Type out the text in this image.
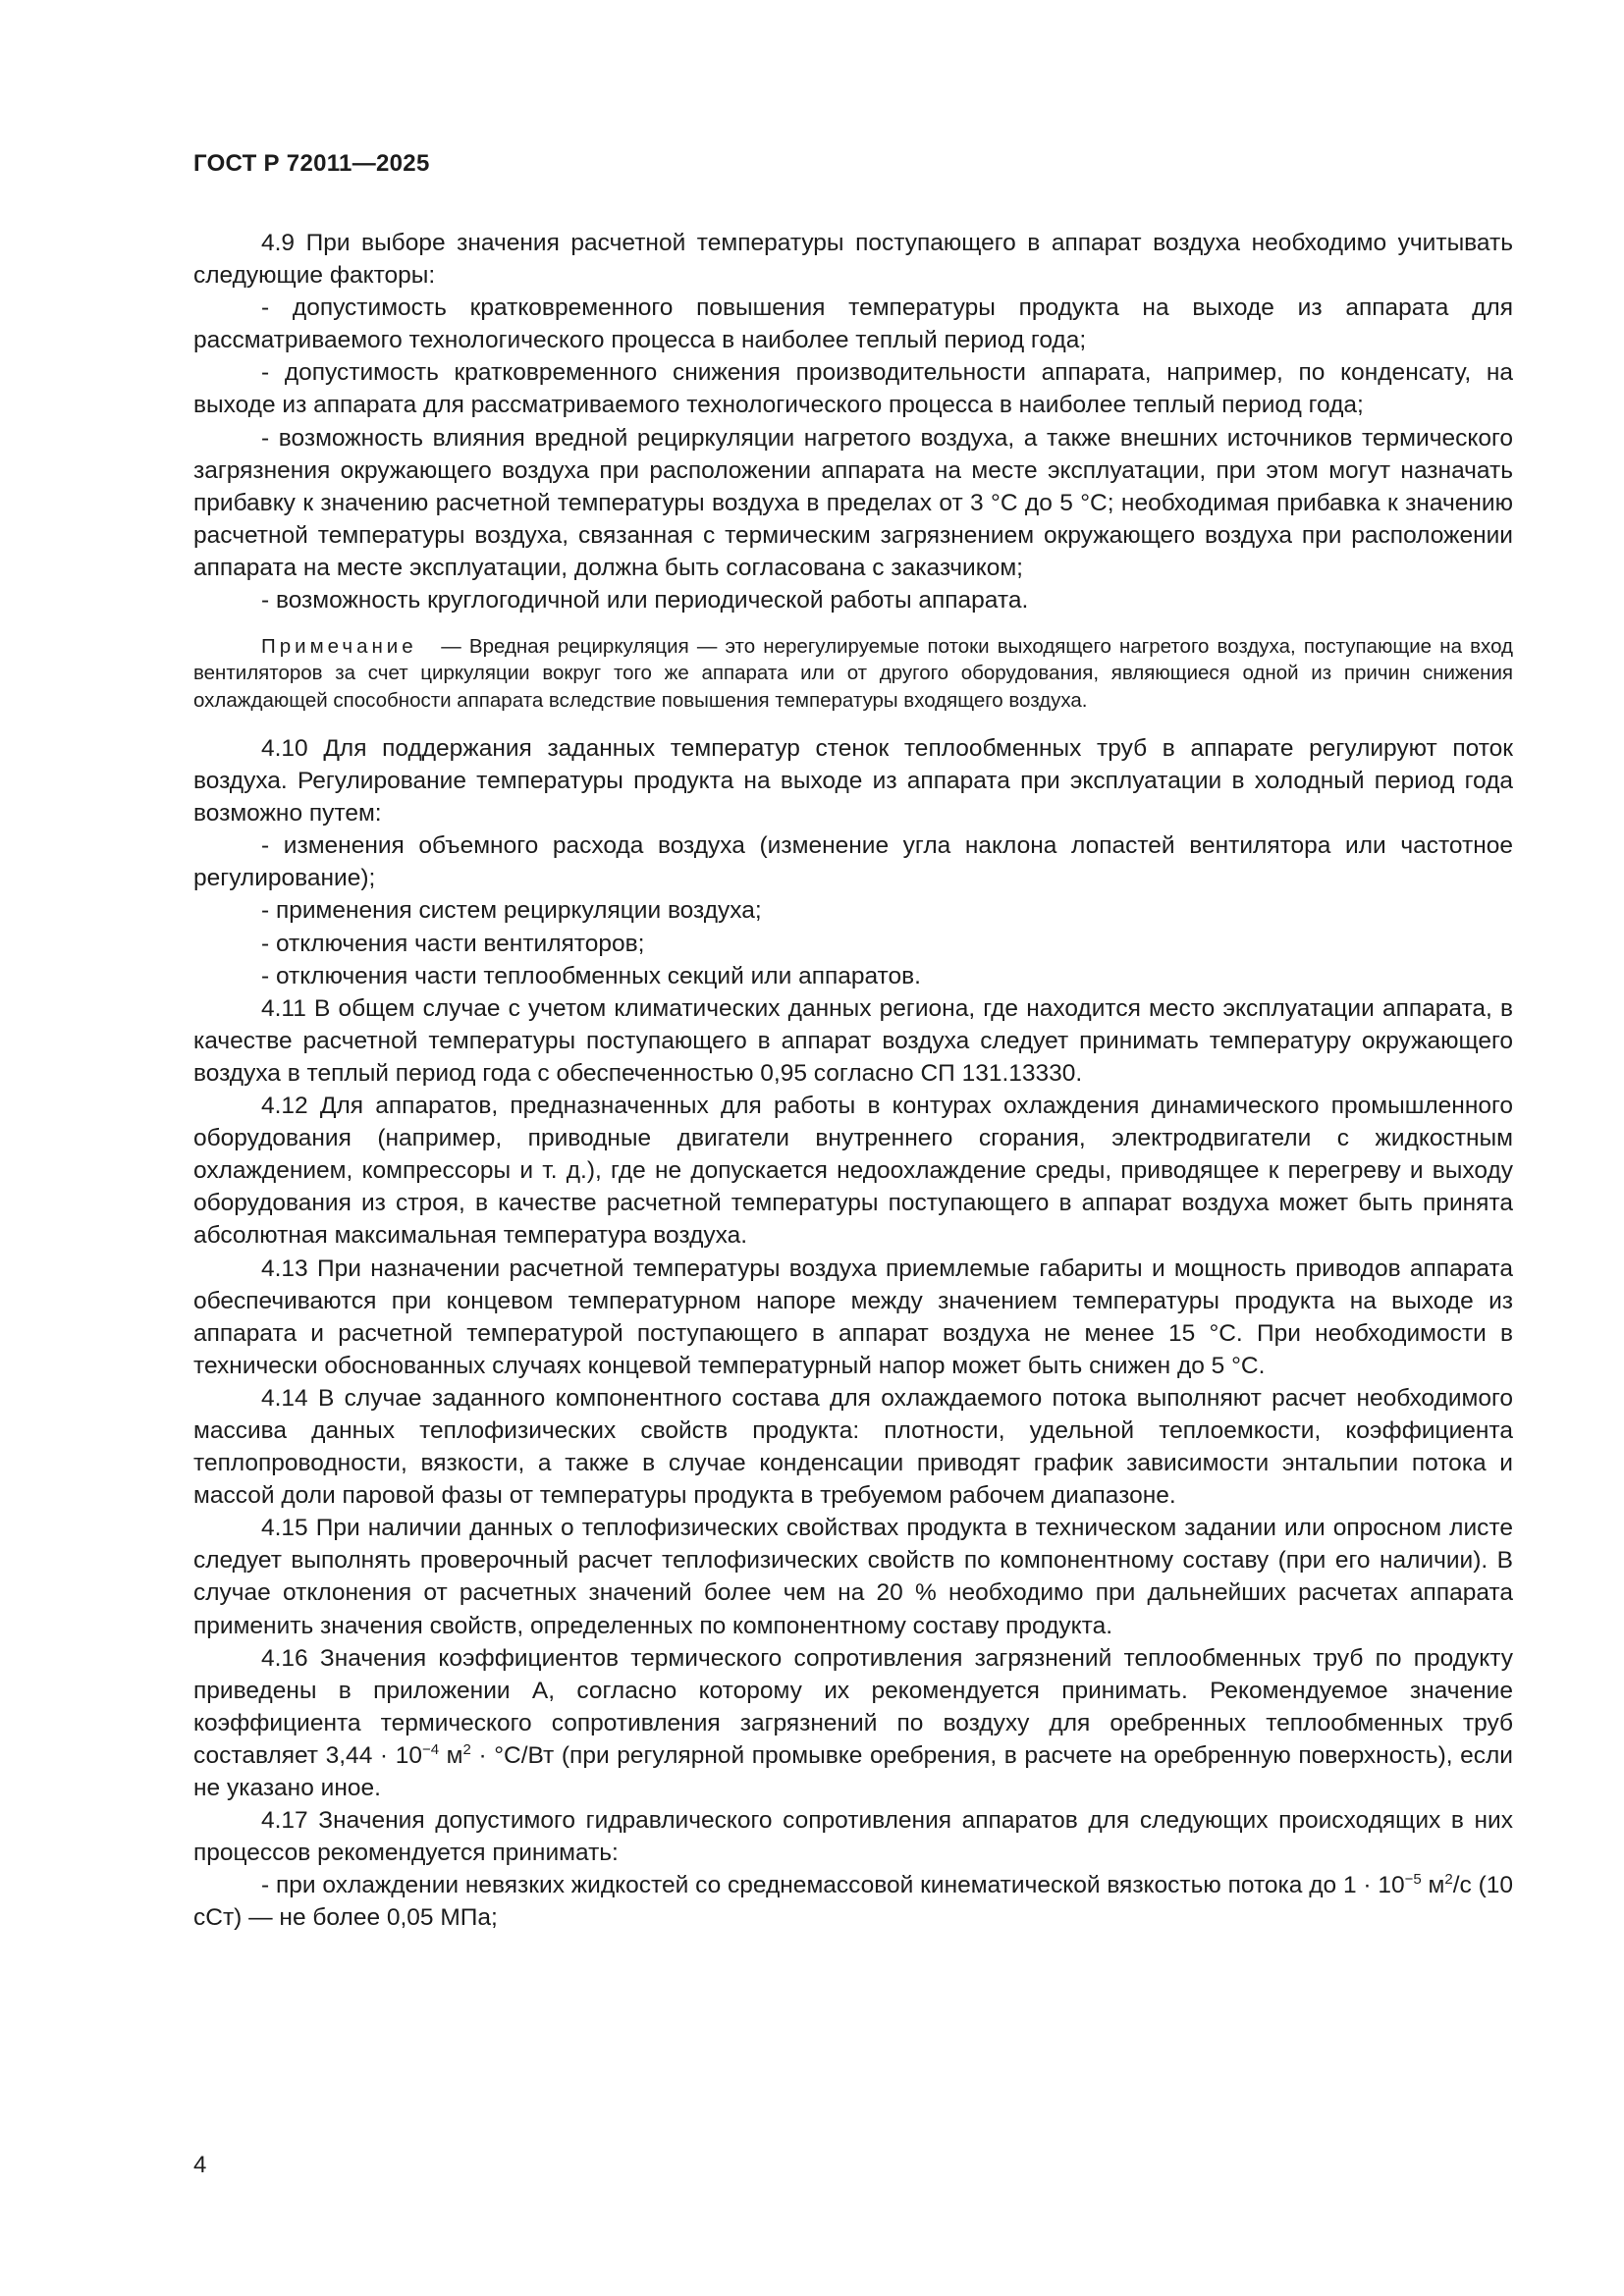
ГОСТ Р 72011—2025

4.9 При выборе значения расчетной температуры поступающего в аппарат воздуха необходимо учитывать следующие факторы:

- допустимость кратковременного повышения температуры продукта на выходе из аппарата для рассматриваемого технологического процесса в наиболее теплый период года;

- допустимость кратковременного снижения производительности аппарата, например, по конденсату, на выходе из аппарата для рассматриваемого технологического процесса в наиболее теплый период года;

- возможность влияния вредной рециркуляции нагретого воздуха, а также внешних источников термического загрязнения окружающего воздуха при расположении аппарата на месте эксплуатации, при этом могут назначать прибавку к значению расчетной температуры воздуха в пределах от 3 °С до 5 °С; необходимая прибавка к значению расчетной температуры воздуха, связанная с термическим загрязнением окружающего воздуха при расположении аппарата на месте эксплуатации, должна быть согласована с заказчиком;

- возможность круглогодичной или периодической работы аппарата.

Примечание — Вредная рециркуляция — это нерегулируемые потоки выходящего нагретого воздуха, поступающие на вход вентиляторов за счет циркуляции вокруг того же аппарата или от другого оборудования, являющиеся одной из причин снижения охлаждающей способности аппарата вследствие повышения температуры входящего воздуха.

4.10 Для поддержания заданных температур стенок теплообменных труб в аппарате регулируют поток воздуха. Регулирование температуры продукта на выходе из аппарата при эксплуатации в холодный период года возможно путем:

- изменения объемного расхода воздуха (изменение угла наклона лопастей вентилятора или частотное регулирование);

- применения систем рециркуляции воздуха;

- отключения части вентиляторов;

- отключения части теплообменных секций или аппаратов.

4.11 В общем случае с учетом климатических данных региона, где находится место эксплуатации аппарата, в качестве расчетной температуры поступающего в аппарат воздуха следует принимать температуру окружающего воздуха в теплый период года с обеспеченностью 0,95 согласно СП 131.13330.

4.12 Для аппаратов, предназначенных для работы в контурах охлаждения динамического промышленного оборудования (например, приводные двигатели внутреннего сгорания, электродвигатели с жидкостным охлаждением, компрессоры и т. д.), где не допускается недоохлаждение среды, приводящее к перегреву и выходу оборудования из строя, в качестве расчетной температуры поступающего в аппарат воздуха может быть принята абсолютная максимальная температура воздуха.

4.13 При назначении расчетной температуры воздуха приемлемые габариты и мощность приводов аппарата обеспечиваются при концевом температурном напоре между значением температуры продукта на выходе из аппарата и расчетной температурой поступающего в аппарат воздуха не менее 15 °С. При необходимости в технически обоснованных случаях концевой температурный напор может быть снижен до 5 °С.

4.14 В случае заданного компонентного состава для охлаждаемого потока выполняют расчет необходимого массива данных теплофизических свойств продукта: плотности, удельной теплоемкости, коэффициента теплопроводности, вязкости, а также в случае конденсации приводят график зависимости энтальпии потока и массой доли паровой фазы от температуры продукта в требуемом рабочем диапазоне.

4.15 При наличии данных о теплофизических свойствах продукта в техническом задании или опросном листе следует выполнять проверочный расчет теплофизических свойств по компонентному составу (при его наличии). В случае отклонения от расчетных значений более чем на 20 % необходимо при дальнейших расчетах аппарата применить значения свойств, определенных по компонентному составу продукта.

4.16 Значения коэффициентов термического сопротивления загрязнений теплообменных труб по продукту приведены в приложении А, согласно которому их рекомендуется принимать. Рекомендуемое значение коэффициента термического сопротивления загрязнений по воздуху для оребренных теплообменных труб составляет $3,44 \cdot 10^{-4}$ $м^2 \cdot ^\circ С/Вт$ (при регулярной промывке оребрения, в расчете на оребренную поверхность), если не указано иное.

4.17 Значения допустимого гидравлического сопротивления аппаратов для следующих происходящих в них процессов рекомендуется принимать:

- при охлаждении невязких жидкостей со среднемассовой кинематической вязкостью потока до $1 \cdot 10^{-5}$ $м^2/с$ (10 сСт) — не более 0,05 МПа;

4
